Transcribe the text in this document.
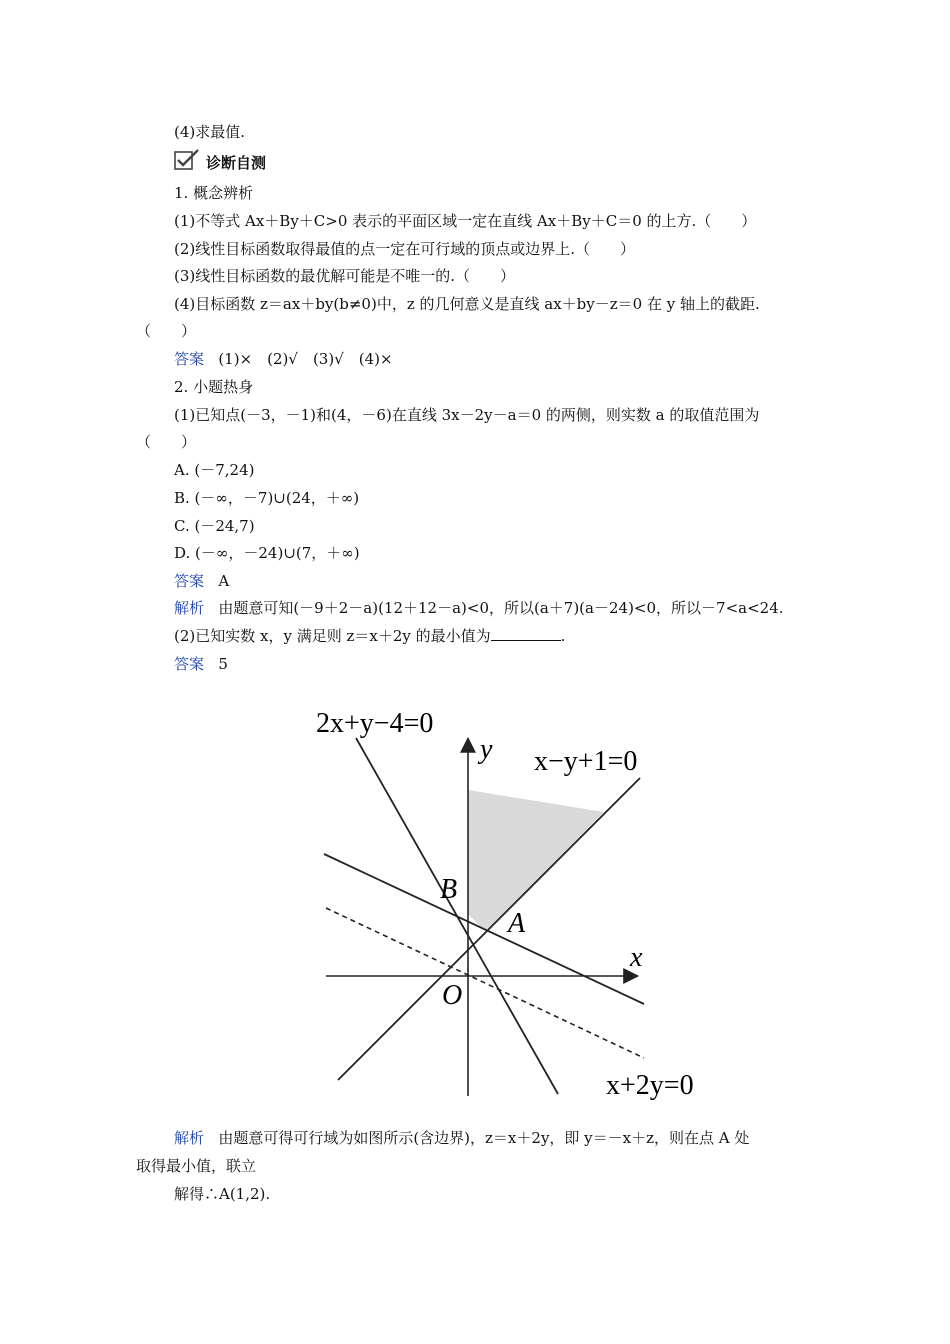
(4)求最值.
诊断自测
1. 概念辨析
(1)不等式 Ax＋By＋C>0 表示的平面区域一定在直线 Ax＋By＋C＝0 的上方.（　　）
(2)线性目标函数取得最值的点一定在可行域的顶点或边界上.（　　）
(3)线性目标函数的最优解可能是不唯一的.（　　）
(4)目标函数 z＝ax＋by(b≠0)中，z 的几何意义是直线 ax＋by－z＝0 在 y 轴上的截距.
（　　）
答案 (1)×　(2)√　(3)√　(4)×
2. 小题热身
(1)已知点(－3，－1)和(4，－6)在直线 3x－2y－a＝0 的两侧，则实数 a 的取值范围为
（　　）
A. (－7,24)
B. (－∞，－7)∪(24，＋∞)
C. (－24,7)
D. (－∞，－24)∪(7，＋∞)
答案 A
解析 由题意可知(－9＋2－a)(12＋12－a)<0，所以(a＋7)(a－24)<0，所以－7<a<24.
(2)已知实数 x，y 满足则 z＝x＋2y 的最小值为	.
答案 5
2x+y−4=0
x−y+1=0
x+2y=0
x
y
O
A
B
解析 由题意可得可行域为如图所示(含边界)，z＝x＋2y，即 y＝－x＋z，则在点 A 处
取得最小值，联立
解得∴A(1,2).
